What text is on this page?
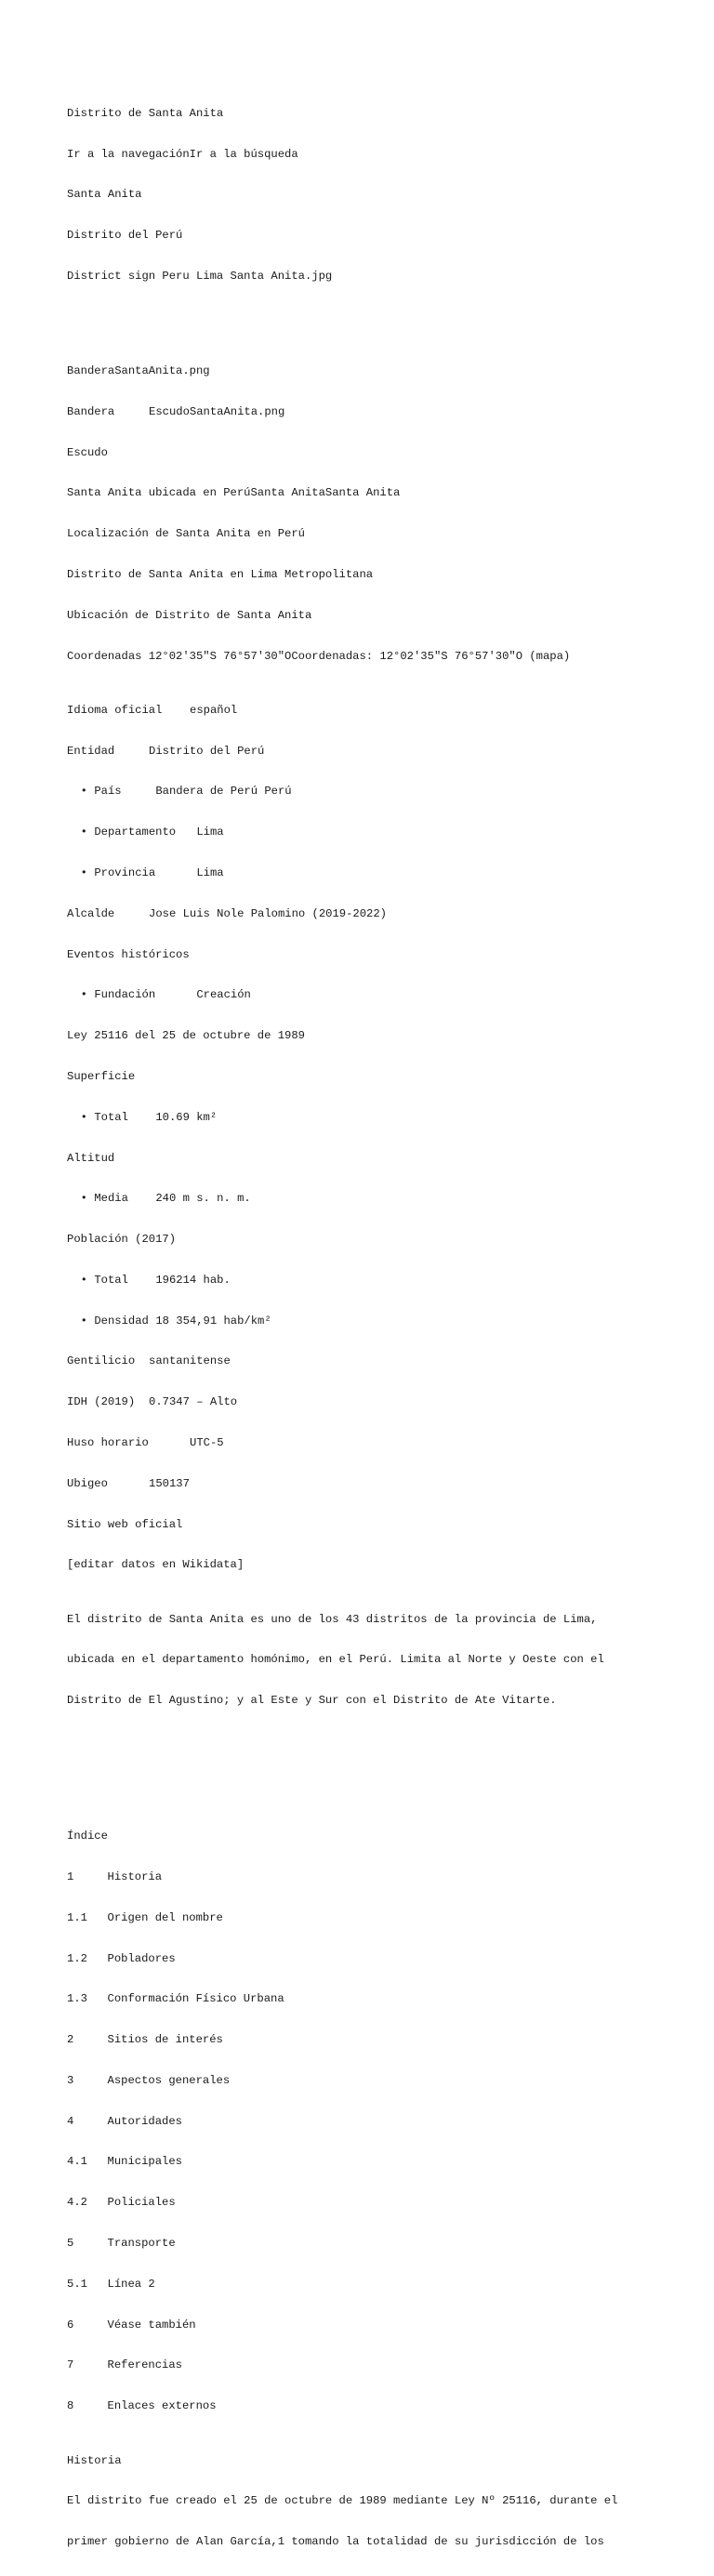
Distrito de Santa Anita

Ir a la navegaciónIr a la búsqueda

Santa Anita

Distrito del Perú

District sign Peru Lima Santa Anita.jpg

BanderaSantaAnita.png

Bandera	EscudoSantaAnita.png

Escudo

Santa Anita ubicada en PerúSanta AnitaSanta Anita

Localización de Santa Anita en Perú

Distrito de Santa Anita en Lima Metropolitana

Ubicación de Distrito de Santa Anita

Coordenadas 12°02′35″S 76°57′30″OCoordenadas: 12°02′35″S 76°57′30″O (mapa)

Idioma oficial español

Entidad	Distrito del Perú

• País	Bandera de Perú Perú

• Departamento Lima

• Provincia	Lima

Alcalde	Jose Luis Nole Palomino (2019-2022)

Eventos históricos

• Fundación	Creación

Ley 25116 del 25 de octubre de 1989

Superficie

• Total 10.69 km²

Altitud

• Media 240 m s. n. m.

Población (2017)

• Total 196214 hab.

• Densidad 18 354,91 hab/km²

Gentilicio santanitense

IDH (2019) 0.7347 – Alto

Huso horario	UTC-5

Ubigeo	150137

Sitio web oficial

[editar datos en Wikidata]

El distrito de Santa Anita es uno de los 43 distritos de la provincia de Lima,

ubicada en el departamento homónimo, en el Perú. Limita al Norte y Oeste con el

Distrito de El Agustino; y al Este y Sur con el Distrito de Ate Vitarte.

Índice

1	Historia

1.1 Origen del nombre

1.2 Pobladores

1.3 Conformación Físico Urbana

2	Sitios de interés

3	Aspectos generales

4	Autoridades

4.1 Municipales

4.2 Policiales

5	Transporte

5.1 Línea 2

6	Véase también

7	Referencias

8	Enlaces externos

Historia

El distrito fue creado el 25 de octubre de 1989 mediante Ley Nº 25116, durante el

primer gobierno de Alan García,1 tomando la totalidad de su jurisdicción de los
